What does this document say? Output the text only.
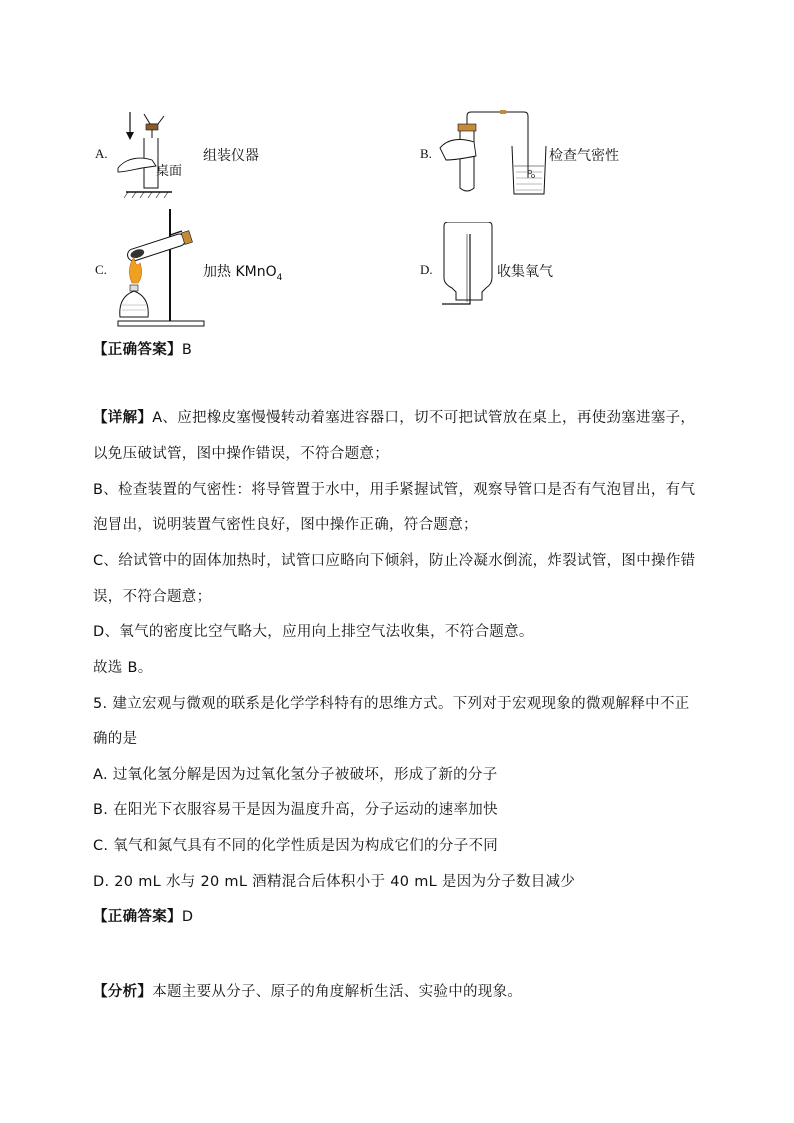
A.	组装仪器
桌面
B.	检查气密性
C.	加热 KMnO$_4$
D.	收集氧气
【正确答案】B
【详解】A、应把橡皮塞慢慢转动着塞进容器口，切不可把试管放在桌上，再使劲塞进塞子，
以免压破试管，图中操作错误，不符合题意；
B、检查装置的气密性：将导管置于水中，用手紧握试管，观察导管口是否有气泡冒出，有气
泡冒出，说明装置气密性良好，图中操作正确，符合题意；
C、给试管中的固体加热时，试管口应略向下倾斜，防止冷凝水倒流，炸裂试管，图中操作错
误，不符合题意；
D、氧气的密度比空气略大，应用向上排空气法收集，不符合题意。
故选 B。
5. 建立宏观与微观的联系是化学学科特有的思维方式。下列对于宏观现象的微观解释中不正
确的是
A. 过氧化氢分解是因为过氧化氢分子被破坏，形成了新的分子
B. 在阳光下衣服容易干是因为温度升高，分子运动的速率加快
C. 氧气和氮气具有不同的化学性质是因为构成它们的分子不同
D. 20 mL 水与 20 mL 酒精混合后体积小于 40 mL 是因为分子数目减少
【正确答案】D
【分析】本题主要从分子、原子的角度解析生活、实验中的现象。
